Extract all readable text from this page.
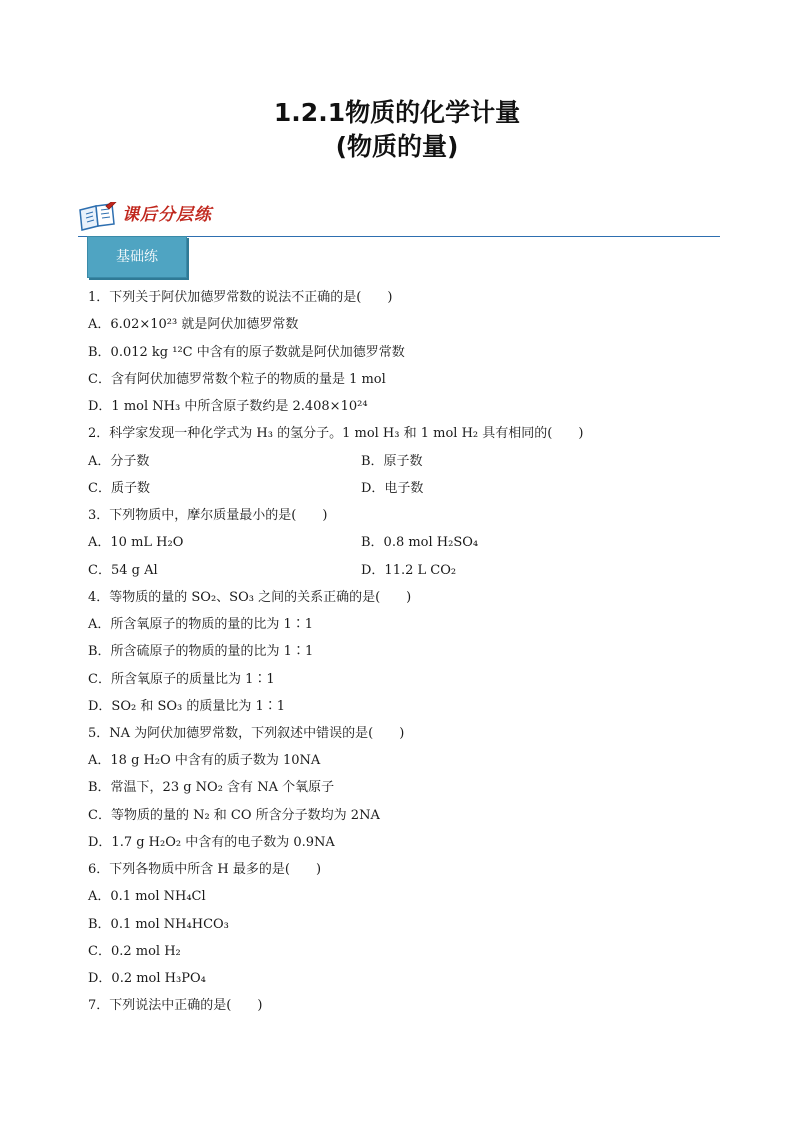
1.2.1物质的化学计量
(物质的量)
课后分层练
基础练
1．下列关于阿伏加德罗常数的说法不正确的是(　　)
A．6.02×10²³ 就是阿伏加德罗常数
B．0.012 kg ¹²C 中含有的原子数就是阿伏加德罗常数
C．含有阿伏加德罗常数个粒子的物质的量是 1 mol
D．1 mol NH₃ 中所含原子数约是 2.408×10²⁴
2．科学家发现一种化学式为 H₃ 的氢分子。1 mol H₃ 和 1 mol H₂ 具有相同的(　　)
A．分子数	B．原子数
C．质子数	D．电子数
3．下列物质中，摩尔质量最小的是(　　)
A．10 mL H₂O	B．0.8 mol H₂SO₄
C．54 g Al	D．11.2 L CO₂
4．等物质的量的 SO₂、SO₃ 之间的关系正确的是(　　)
A．所含氧原子的物质的量的比为 1∶1
B．所含硫原子的物质的量的比为 1∶1
C．所含氧原子的质量比为 1∶1
D．SO₂ 和 SO₃ 的质量比为 1∶1
5．NA 为阿伏加德罗常数，下列叙述中错误的是(　　)
A．18 g H₂O 中含有的质子数为 10NA
B．常温下，23 g NO₂ 含有 NA 个氧原子
C．等物质的量的 N₂ 和 CO 所含分子数均为 2NA
D．1.7 g H₂O₂ 中含有的电子数为 0.9NA
6．下列各物质中所含 H 最多的是(　　)
A．0.1 mol NH₄Cl
B．0.1 mol NH₄HCO₃
C．0.2 mol H₂
D．0.2 mol H₃PO₄
7．下列说法中正确的是(　　)
